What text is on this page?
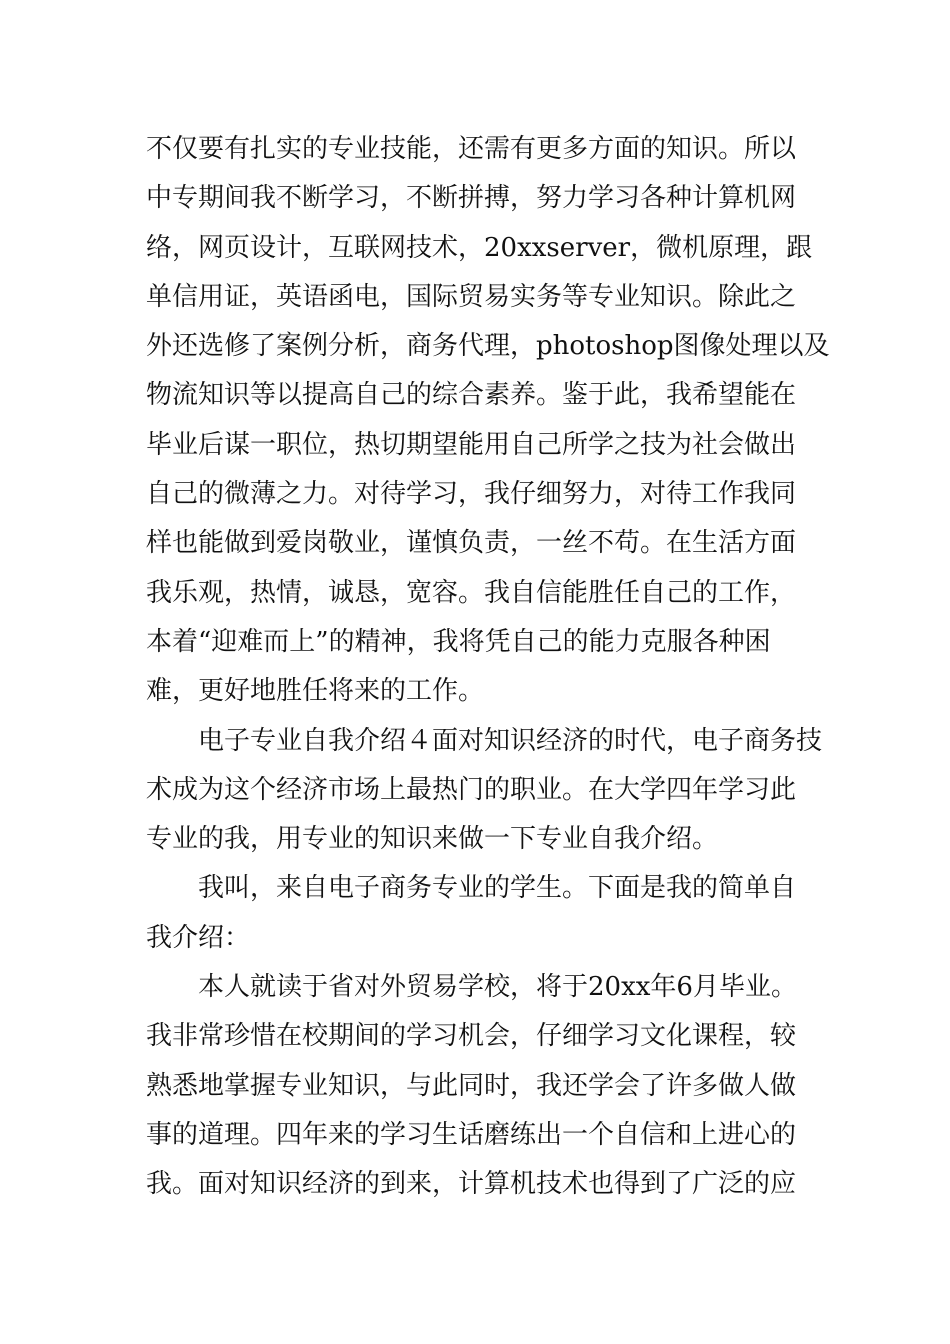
不仅要有扎实的专业技能，还需有更多方面的知识。所以
中专期间我不断学习，不断拼搏，努力学习各种计算机网
络，网页设计，互联网技术，20xxserver，微机原理，跟
单信用证，英语函电，国际贸易实务等专业知识。除此之
外还选修了案例分析，商务代理，photoshop图像处理以及
物流知识等以提高自己的综合素养。鉴于此，我希望能在
毕业后谋一职位，热切期望能用自己所学之技为社会做出
自己的微薄之力。对待学习，我仔细努力，对待工作我同
样也能做到爱岗敬业，谨慎负责，一丝不苟。在生活方面
我乐观，热情，诚恳，宽容。我自信能胜任自己的工作，
本着“迎难而上”的精神，我将凭自己的能力克服各种困
难，更好地胜任将来的工作。
电子专业自我介绍４面对知识经济的时代，电子商务技
术成为这个经济市场上最热门的职业。在大学四年学习此
专业的我，用专业的知识来做一下专业自我介绍。
我叫，来自电子商务专业的学生。下面是我的简单自
我介绍：
本人就读于省对外贸易学校，将于20xx年6月毕业。
我非常珍惜在校期间的学习机会，仔细学习文化课程，较
熟悉地掌握专业知识，与此同时，我还学会了许多做人做
事的道理。四年来的学习生话磨练出一个自信和上进心的
我。面对知识经济的到来，计算机技术也得到了广泛的应
